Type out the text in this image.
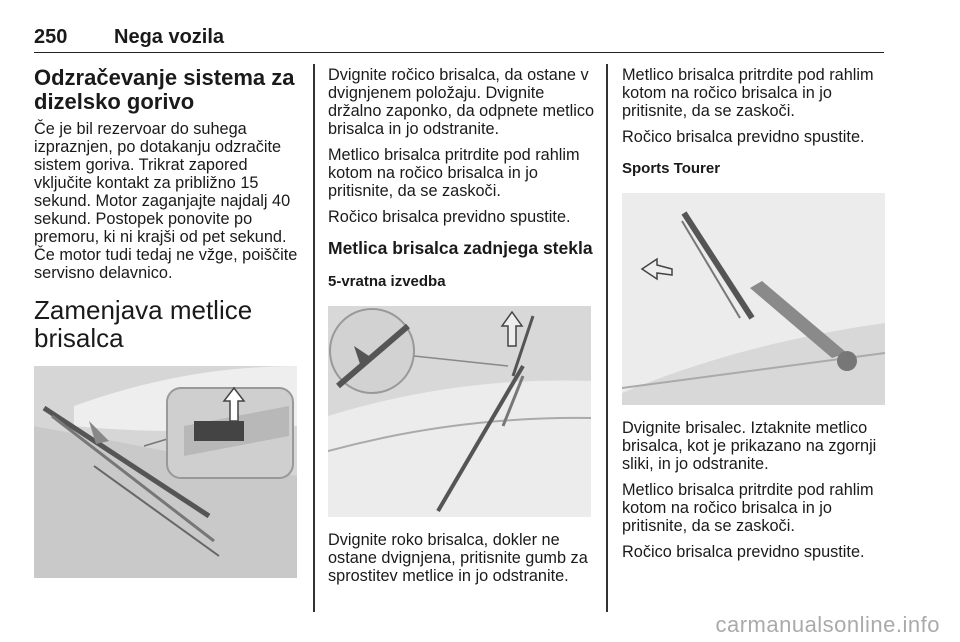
250 Nega vozila
Odzračevanje sistema za dizelsko gorivo

Če je bil rezervoar do suhega izpraznjen, po dotakanju odzračite sistem goriva. Trikrat zapored vključite kontakt za približno 15 sekund. Motor zaganjajte najdalj 40 sekund. Postopek ponovite po premoru, ki ni krajši od pet sekund. Če motor tudi tedaj ne vžge, poiščite servisno delavnico.

Zamenjava metlice brisalca

Dvignite ročico brisalca, da ostane v dvignjenem položaju. Dvignite držalno zaponko, da odpnete metlico brisalca in jo odstranite.

Metlico brisalca pritrdite pod rahlim kotom na ročico brisalca in jo pritisnite, da se zaskoči.

Ročico brisalca previdno spustite.

Metlica brisalca zadnjega stekla
5-vratna izvedba

Dvignite roko brisalca, dokler ne ostane dvignjena, pritisnite gumb za sprostitev metlice in jo odstranite.

Metlico brisalca pritrdite pod rahlim kotom na ročico brisalca in jo pritisnite, da se zaskoči.

Ročico brisalca previdno spustite.

Sports Tourer

Dvignite brisalec. Iztaknite metlico brisalca, kot je prikazano na zgornji sliki, in jo odstranite.

Metlico brisalca pritrdite pod rahlim kotom na ročico brisalca in jo pritisnite, da se zaskoči.

Ročico brisalca previdno spustite.

carmanualsonline.info
